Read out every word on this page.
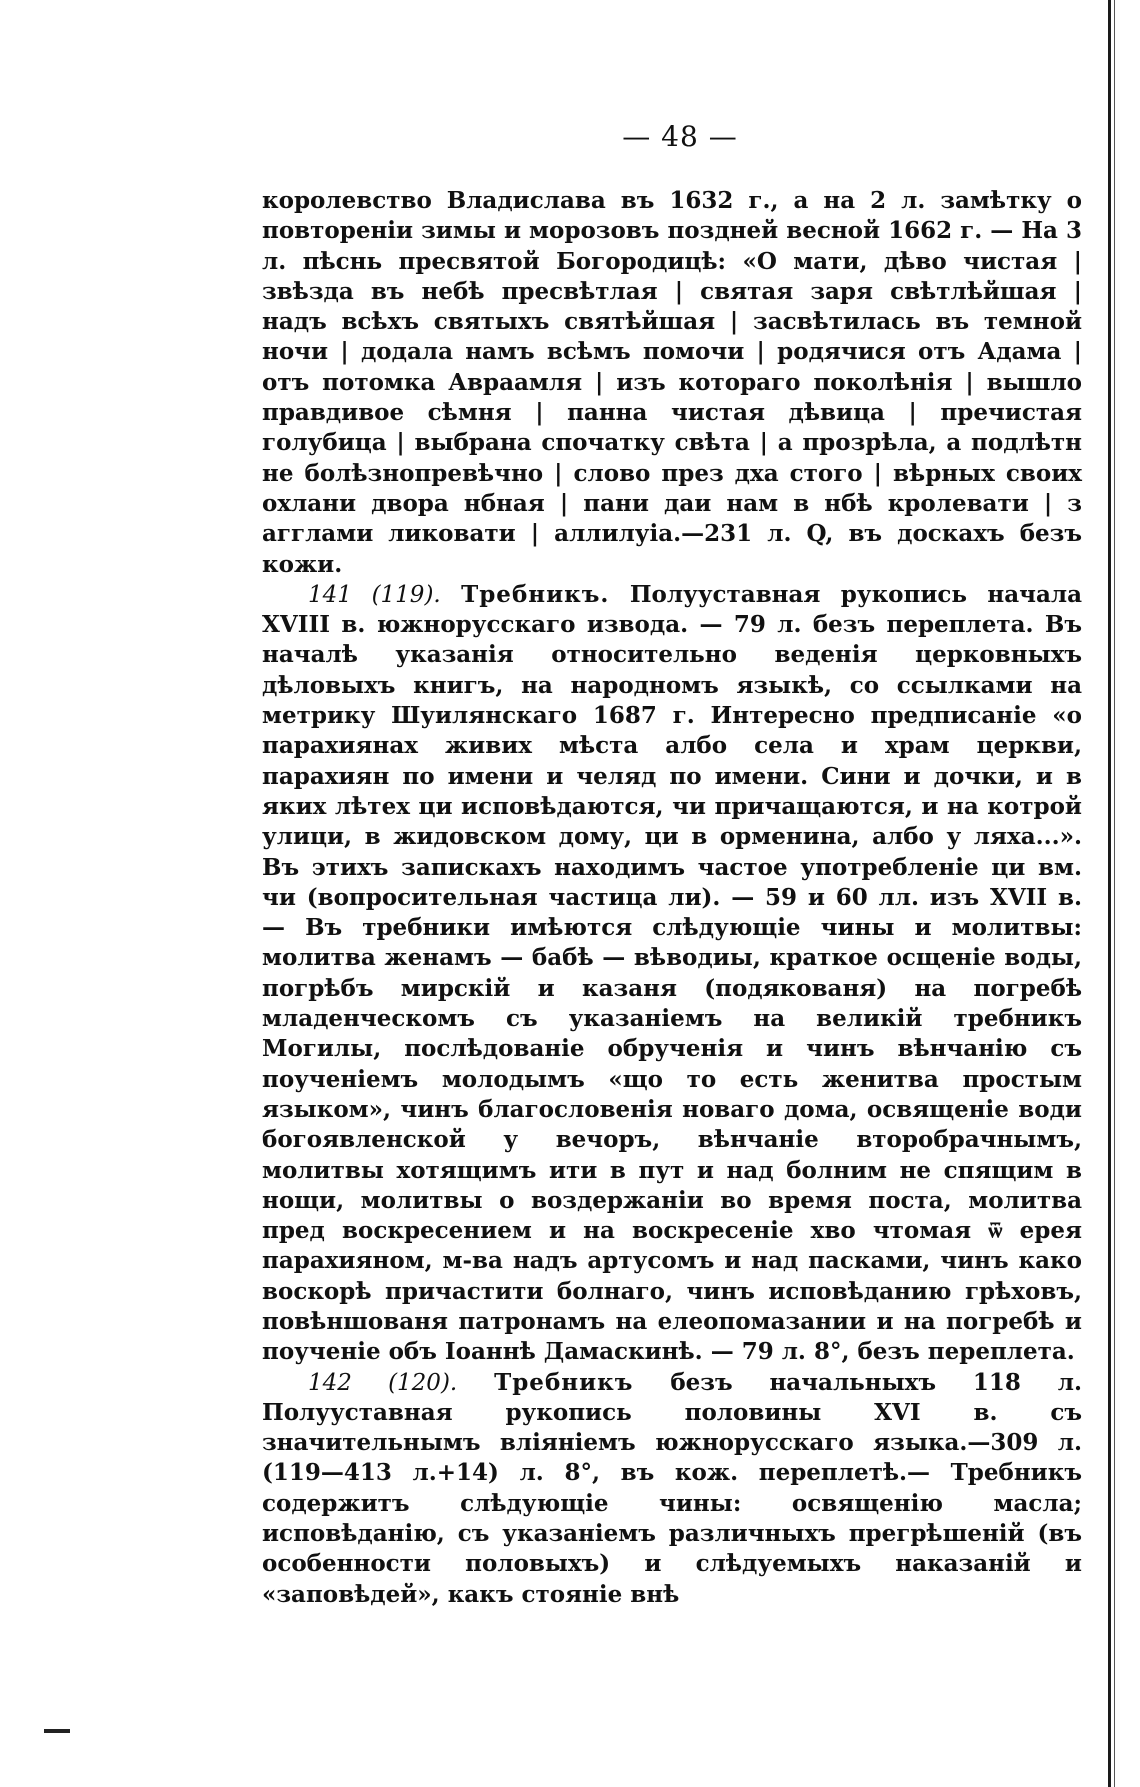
— 48 —

королевство Владислава въ 1632 г., а на 2 л. замѣтку о повтореніи зимы и морозовъ поздней весной 1662 г. — На 3 л. пѣснь пресвятой Богородицѣ: «О мати, дѣво чистая | звѣзда въ небѣ пресвѣтлая | святая заря свѣтлѣйшая | надъ всѣхъ святыхъ святѣйшая | засвѣтилась въ темной ночи | додала намъ всѣмъ помочи | родячися отъ Адама | отъ потомка Авраамля | изъ котораго поколѣнія | вышло правдивое сѣмня | панна чистая дѣвица | пречистая голубица | выбрана спочатку свѣта | а прозрѣла, а подлѣтн не болѣзнопревѣчно | слово през дха стого | вѣрных своих охлани двора нбная | пани даи нам в нбѣ кролевати | з агглами ликовати | аллилуіа.—231 л. Q, въ доскахъ безъ кожи.

141 (119). Требникъ. Полууставная рукопись начала XVIII в. южнорусскаго извода. — 79 л. безъ переплета. Въ началѣ указанія относительно веденія церковныхъ дѣловыхъ книгъ, на народномъ языкѣ, со ссылками на метрику Шуилянскаго 1687 г. Интересно предписаніе «о парахиянах живих мѣста албо села и храм церкви, парахиян по имени и челяд по имени. Сини и дочки, и в яких лѣтех ци исповѣдаются, чи причащаются, и на котрой улици, в жидовском дому, ци в орменина, албо у ляха...». Въ этихъ запискахъ находимъ частое употребленіе ци вм. чи (вопросительная частица ли). — 59 и 60 лл. изъ XVII в. — Въ требники имѣются слѣдующіе чины и молитвы: молитва женамъ — бабѣ — вѣводиы, краткое осщеніе воды, погрѣбъ мирскій и казаня (подякованя) на погребѣ младенческомъ съ указаніемъ на великій требникъ Могилы, послѣдованіе обрученія и чинъ вѣнчанію съ поученіемъ молодымъ «що то есть женитва простым языком», чинъ благословенія новаго дома, освященіе води богоявленской у вечоръ, вѣнчаніе второбрачнымъ, молитвы хотящимъ ити в пут и над болним не спящим в нощи, молитвы о воздержаніи во время поста, молитва пред воскресением и на воскресеніе хво чтомая ѿ ерея парахияном, м-ва надъ артусомъ и над пасками, чинъ како воскорѣ причастити болнаго, чинъ исповѣданию грѣховъ, повѣншованя патронамъ на елеопомазании и на погребѣ и поученіе объ Іоаннѣ Дамаскинѣ. — 79 л. 8°, безъ переплета.

142 (120). Требникъ безъ начальныхъ 118 л. Полууставная рукопись половины XVI в. съ значительнымъ вліяніемъ южнорусскаго языка.—309 л. (119—413 л.+14) л. 8°, въ кож. переплетѣ.— Требникъ содержитъ слѣдующіе чины: освященію масла; исповѣданію, съ указаніемъ различныхъ прегрѣшеній (въ особенности половыхъ) и слѣдуемыхъ наказаній и «заповѣдей», какъ стояніе внѣ
